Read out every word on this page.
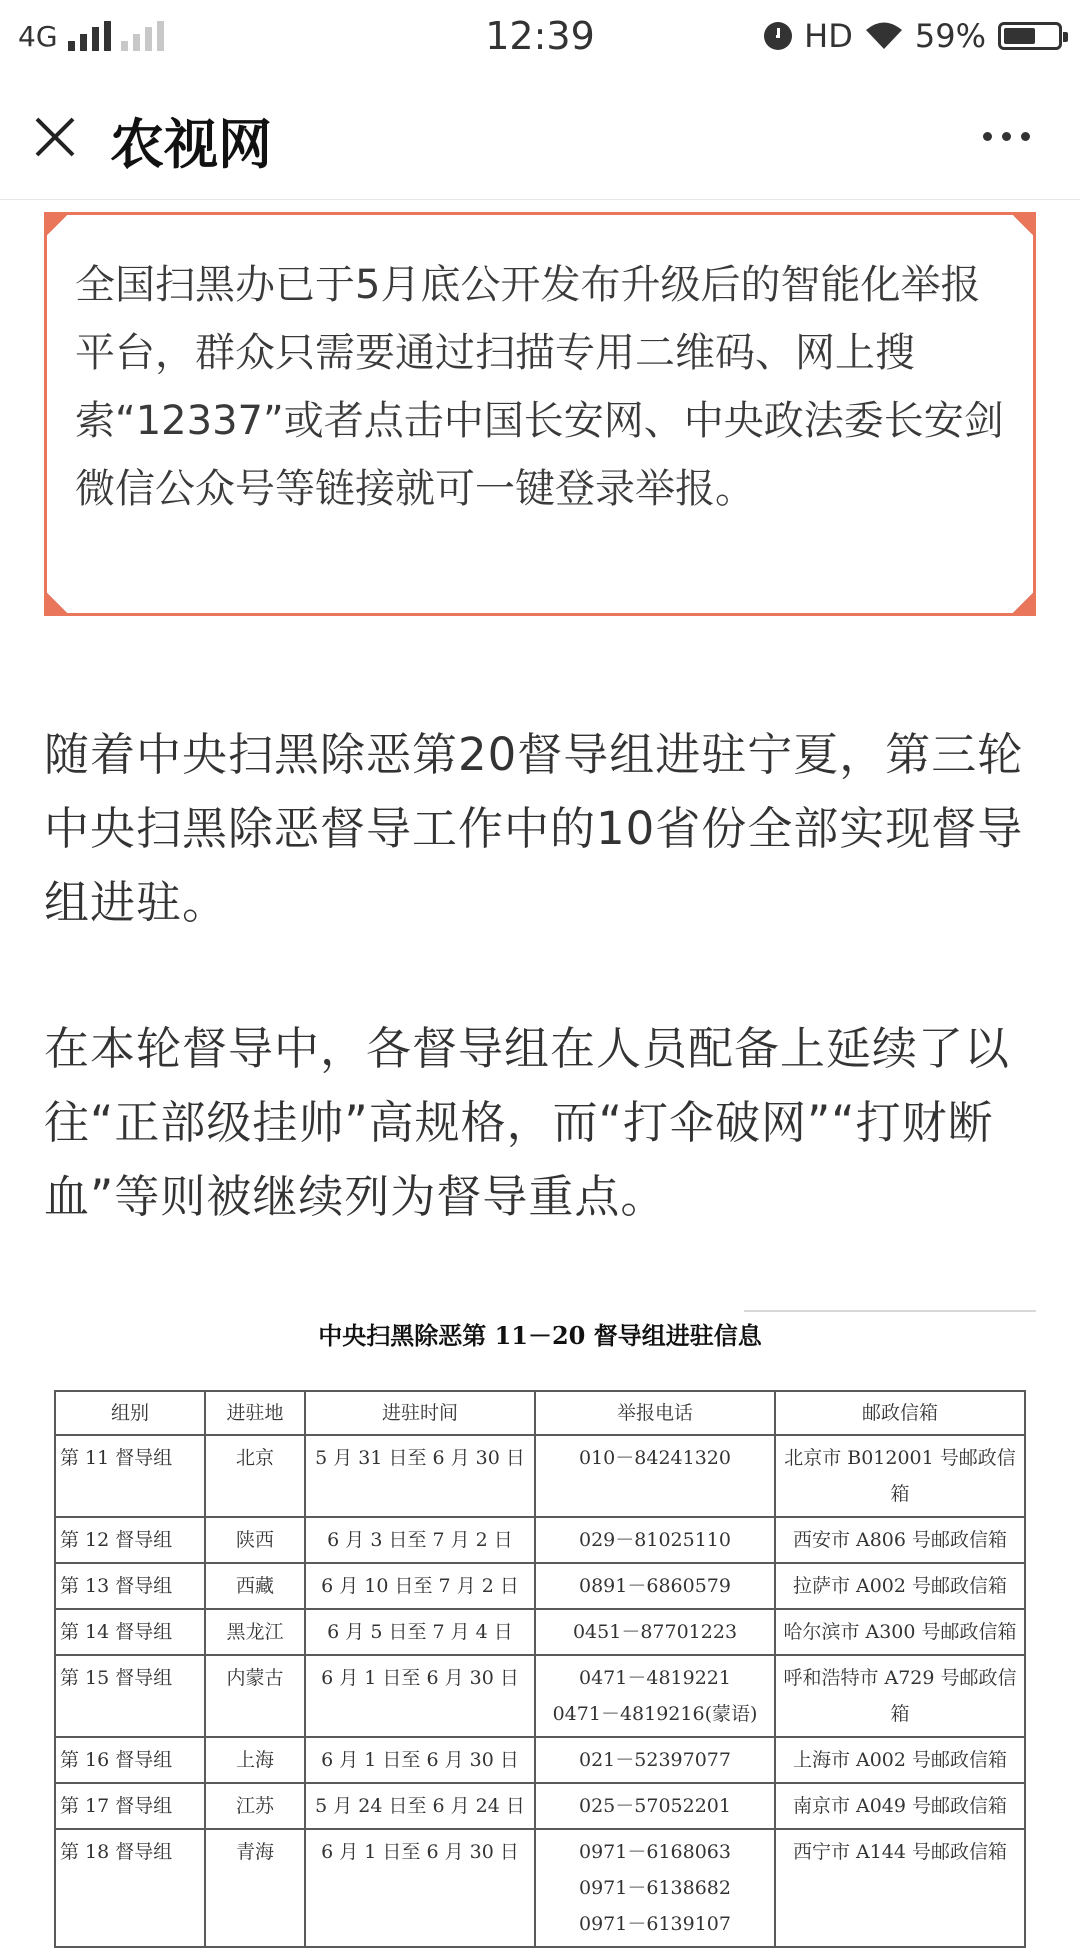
4G	12:39	HD 59%
农视网

全国扫黑办已于5月底公开发布升级后的智能化举报平台，群众只需要通过扫描专用二维码、网上搜索“12337”或者点击中国长安网、中央政法委长安剑微信公众号等链接就可一键登录举报。

随着中央扫黑除恶第20督导组进驻宁夏，第三轮中央扫黑除恶督导工作中的10省份全部实现督导组进驻。

在本轮督导中，各督导组在人员配备上延续了以往“正部级挂帅”高规格，而“打伞破网”“打财断血”等则被继续列为督导重点。

中央扫黑除恶第 11－20 督导组进驻信息
组别	进驻地	进驻时间	举报电话	邮政信箱
第 11 督导组	北京	5 月 31 日至 6 月 30 日	010－84241320	北京市 B012001 号邮政信箱
第 12 督导组	陕西	6 月 3 日至 7 月 2 日	029－81025110	西安市 A806 号邮政信箱
第 13 督导组	西藏	6 月 10 日至 7 月 2 日	0891－6860579	拉萨市 A002 号邮政信箱
第 14 督导组	黑龙江	6 月 5 日至 7 月 4 日	0451－87701223	哈尔滨市 A300 号邮政信箱
第 15 督导组	内蒙古	6 月 1 日至 6 月 30 日	0471－4819221
0471－4819216(蒙语)	呼和浩特市 A729 号邮政信箱
第 16 督导组	上海	6 月 1 日至 6 月 30 日	021－52397077	上海市 A002 号邮政信箱
第 17 督导组	江苏	5 月 24 日至 6 月 24 日	025－57052201	南京市 A049 号邮政信箱
第 18 督导组	青海	6 月 1 日至 6 月 30 日	0971－6168063
0971－6138682
0971－6139107	西宁市 A144 号邮政信箱
